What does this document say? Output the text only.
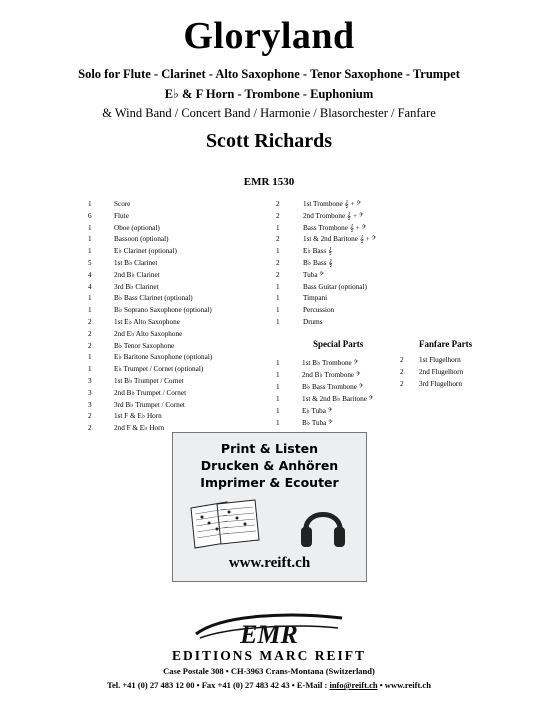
Gloryland
Solo for Flute - Clarinet - Alto Saxophone - Tenor Saxophone - Trumpet
E♭ & F Horn - Trombone - Euphonium
& Wind Band / Concert Band / Harmonie / Blasorchester / Fanfare
Scott Richards
EMR 1530
1	Score
6	Flute
1	Oboe (optional)
1	Bassoon (optional)
1	E♭ Clarinet (optional)
5	1st B♭ Clarinet
4	2nd B♭ Clarinet
4	3rd B♭ Clarinet
1	B♭ Bass Clarinet (optional)
1	B♭ Soprano Saxophone (optional)
2	1st E♭ Alto Saxophone
2	2nd E♭ Alto Saxophone
2	B♭ Tenor Saxophone
1	E♭ Baritone Saxophone (optional)
1	E♭ Trumpet / Cornet (optional)
3	1st B♭ Trumpet / Cornet
3	2nd B♭ Trumpet / Cornet
3	3rd B♭ Trumpet / Cornet
2	1st F & E♭ Horn
2	2nd F & E♭ Horn
2	1st Trombone 𝄞 + 𝄢
2	2nd Trombone 𝄞 + 𝄢
1	Bass Trombone 𝄞 + 𝄢
2	1st & 2nd Baritone 𝄞 + 𝄢
1	E♭ Bass 𝄞
2	B♭ Bass 𝄞
2	Tuba 𝄢
1	Bass Guitar (optional)
1	Timpani
1	Percussion
1	Drums
Special Parts	Fanfare Parts
1	1st B♭ Trombone 𝄢
1	2nd B♭ Trombone 𝄢
1	B♭ Bass Trombone 𝄢
1	1st & 2nd B♭ Baritone 𝄢
1	E♭ Tuba 𝄢
1	B♭ Tuba 𝄢
2	1st Flugelhorn
2	2nd Flugelhorn
2	3rd Flugelhorn
Print & Listen
Drucken & Anhören
Imprimer & Ecouter
www.reift.ch
EMR
EDITIONS MARC REIFT
Case Postale 308 • CH-3963 Crans-Montana (Switzerland)
Tel. +41 (0) 27 483 12 00 • Fax +41 (0) 27 483 42 43 • E-Mail : info@reift.ch • www.reift.ch
